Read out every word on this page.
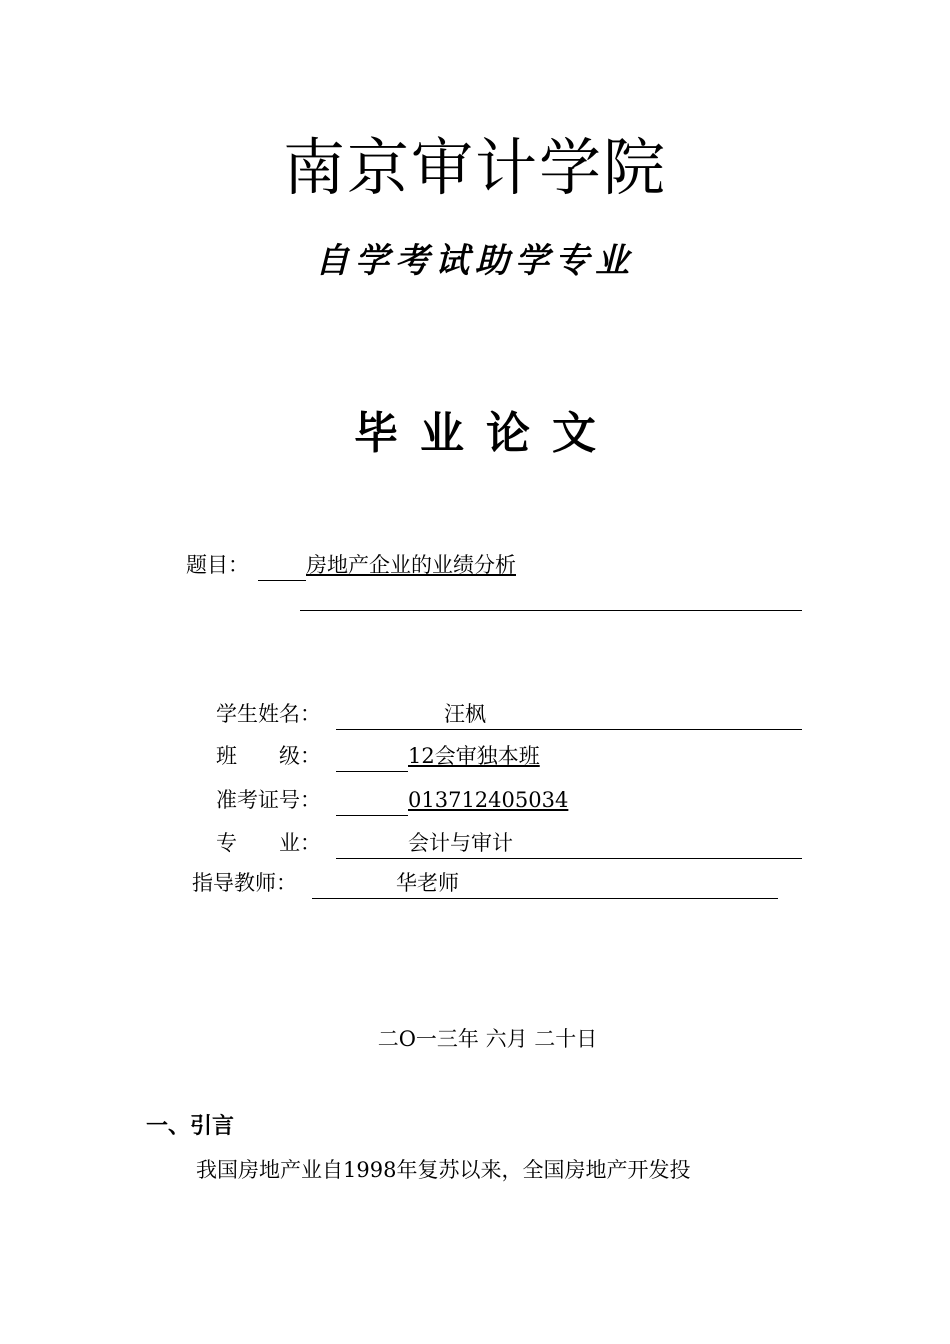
南京审计学院
自学考试助学专业
毕业论文
题目：	房地产企业的业绩分析
学生姓名：	汪枫
班　　级：	12会审独本班
准考证号：	013712405034
专　　业：	会计与审计
指导教师：	华老师
二O一三年 六月 二十日
一、引言
我国房地产业自1998年复苏以来，全国房地产开发投
